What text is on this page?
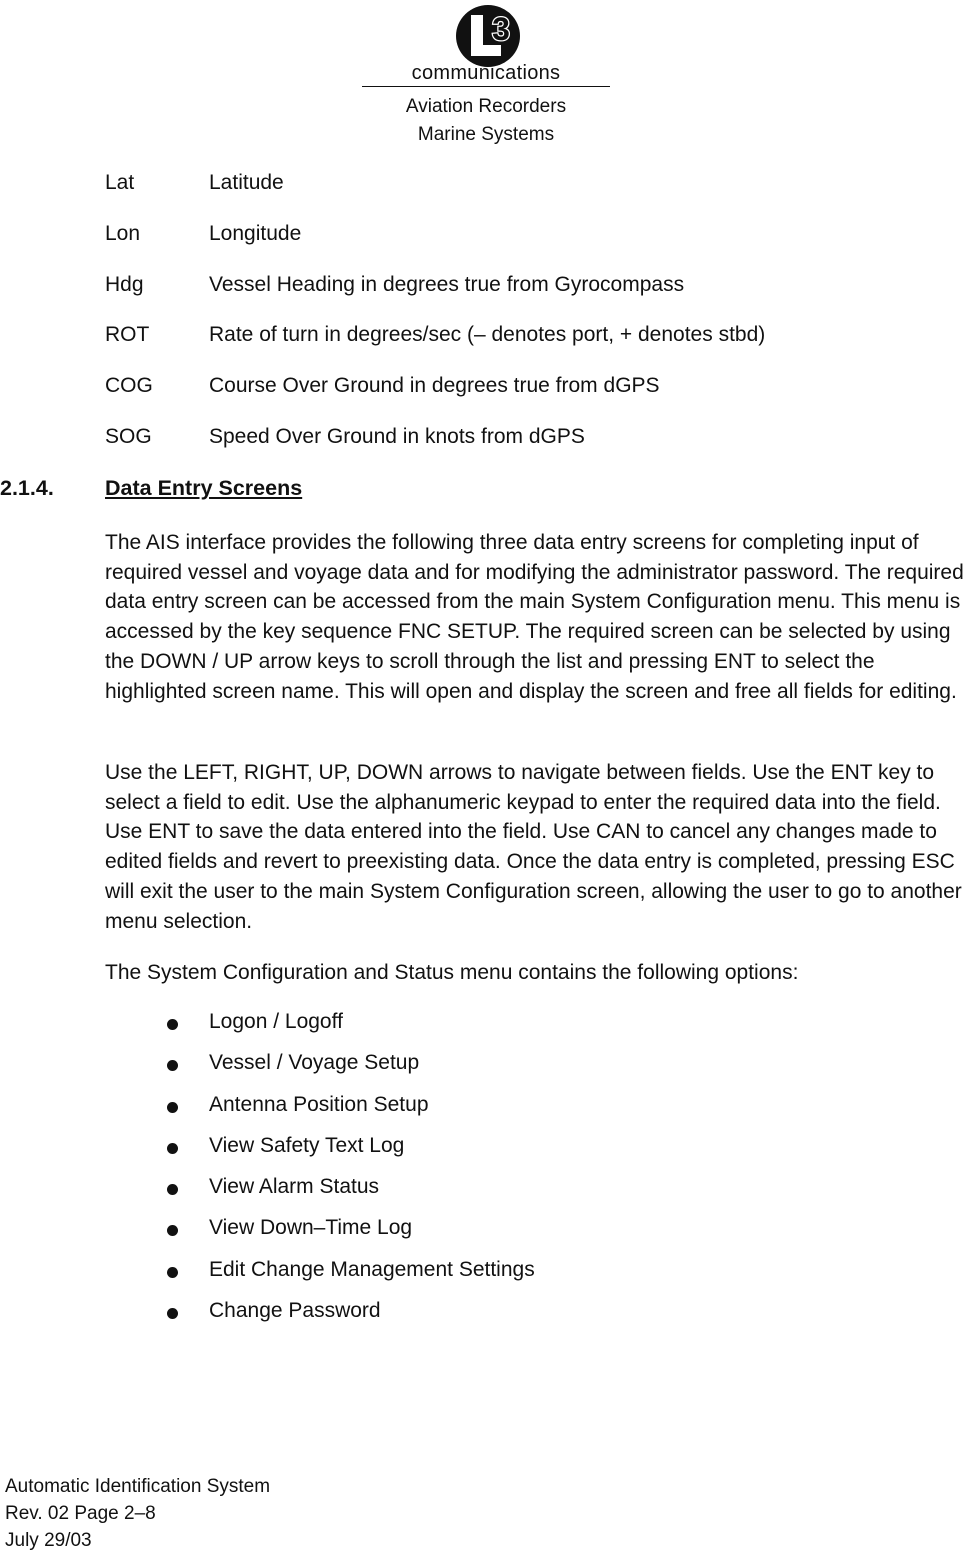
3
communications
Aviation Recorders
Marine Systems
Lat	Latitude
Lon	Longitude
Hdg	Vessel Heading in degrees true from Gyrocompass
ROT	Rate of turn in degrees/sec (– denotes port, + denotes stbd)
COG	Course Over Ground in degrees true from dGPS
SOG	Speed Over Ground in knots from dGPS
2.1.4. Data Entry Screens

The AIS interface provides the following three data entry screens for completing input of required vessel and voyage data and for modifying the administrator password. The required data entry screen can be accessed from the main System Configuration menu. This menu is accessed by the key sequence FNC SETUP. The required screen can be selected by using the DOWN / UP arrow keys to scroll through the list and pressing ENT to select the highlighted screen name. This will open and display the screen and free all fields for editing.

Use the LEFT, RIGHT, UP, DOWN arrows to navigate between fields. Use the ENT key to select a field to edit. Use the alphanumeric keypad to enter the required data into the field. Use ENT to save the data entered into the field. Use CAN to cancel any changes made to edited fields and revert to preexisting data. Once the data entry is completed, pressing ESC will exit the user to the main System Configuration screen, allowing the user to go to another menu selection.

The System Configuration and Status menu contains the following options:

Logon / Logoff
Vessel / Voyage Setup
Antenna Position Setup
View Safety Text Log
View Alarm Status
View Down–Time Log
Edit Change Management Settings
Change Password
Automatic Identification System
Rev. 02 Page 2–8
July 29/03
